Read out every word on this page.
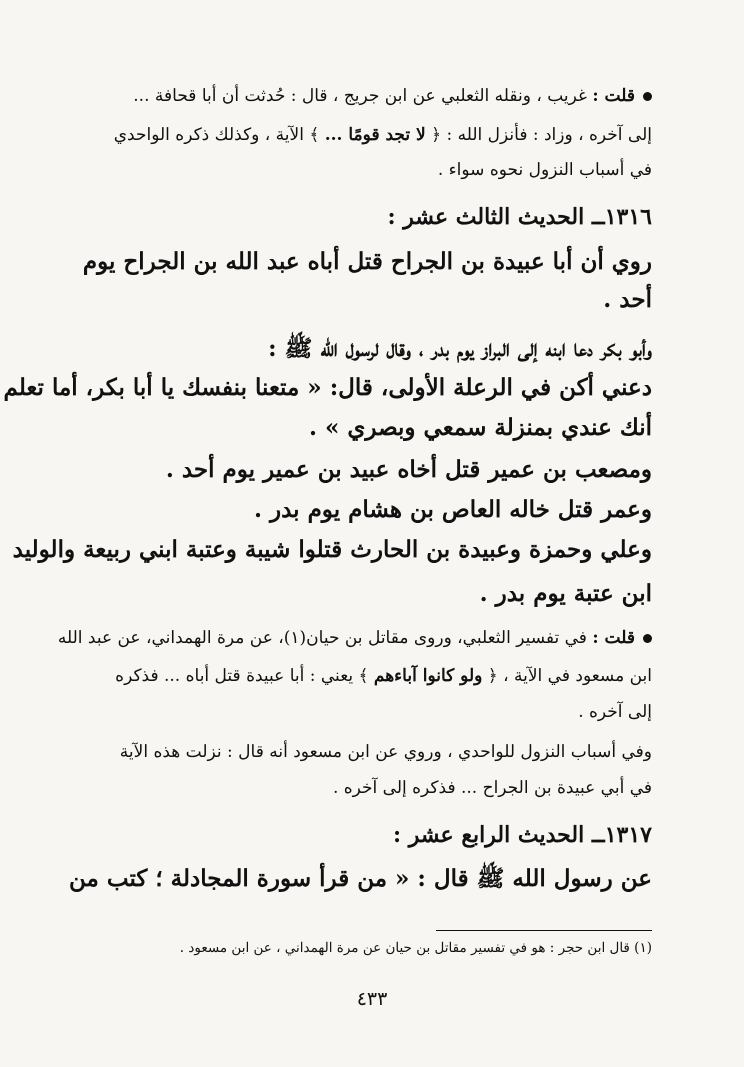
قلت : غريب ، ونقله الثعلبي عن ابن جريج ، قال : حُدثت أن أبا قحافة ...
إلى آخره ، وزاد : فأنزل الله : ﴿ لا تجد قومًا ... ﴾ الآية ، وكذلك ذكره الواحدي
في أسباب النزول نحوه سواء .
١٣١٦ــ الحديث الثالث عشر :
روي أن أبا عبيدة بن الجراح قتل أباه عبد الله بن الجراح يوم
أحد .
وأبو بكر دعا ابنه إلى البراز يوم بدر ، وقال لرسول الله ﷺ :
دعني أكن في الرعلة الأولى، قال: « متعنا بنفسك يا أبا بكر، أما تعلم
أنك عندي بمنزلة سمعي وبصري » .
ومصعب بن عمير قتل أخاه عبيد بن عمير يوم أحد .
وعمر قتل خاله العاص بن هشام يوم بدر .
وعلي وحمزة وعبيدة بن الحارث قتلوا شيبة وعتبة ابني ربيعة والوليد
ابن عتبة يوم بدر .
قلت : في تفسير الثعلبي، وروى مقاتل بن حيان(١)، عن مرة الهمداني، عن عبد الله
ابن مسعود في الآية ، ﴿ ولو كانوا آباءهم ﴾ يعني : أبا عبيدة قتل أباه ... فذكره
إلى آخره .
وفي أسباب النزول للواحدي ، وروي عن ابن مسعود أنه قال : نزلت هذه الآية
في أبي عبيدة بن الجراح ... فذكره إلى آخره .
١٣١٧ــ الحديث الرابع عشر :
عن رسول الله ﷺ قال : « من قرأ سورة المجادلة ؛ كتب من
(١) قال ابن حجر : هو في تفسير مقاتل بن حيان عن مرة الهمداني ، عن ابن مسعود .
٤٣٣
